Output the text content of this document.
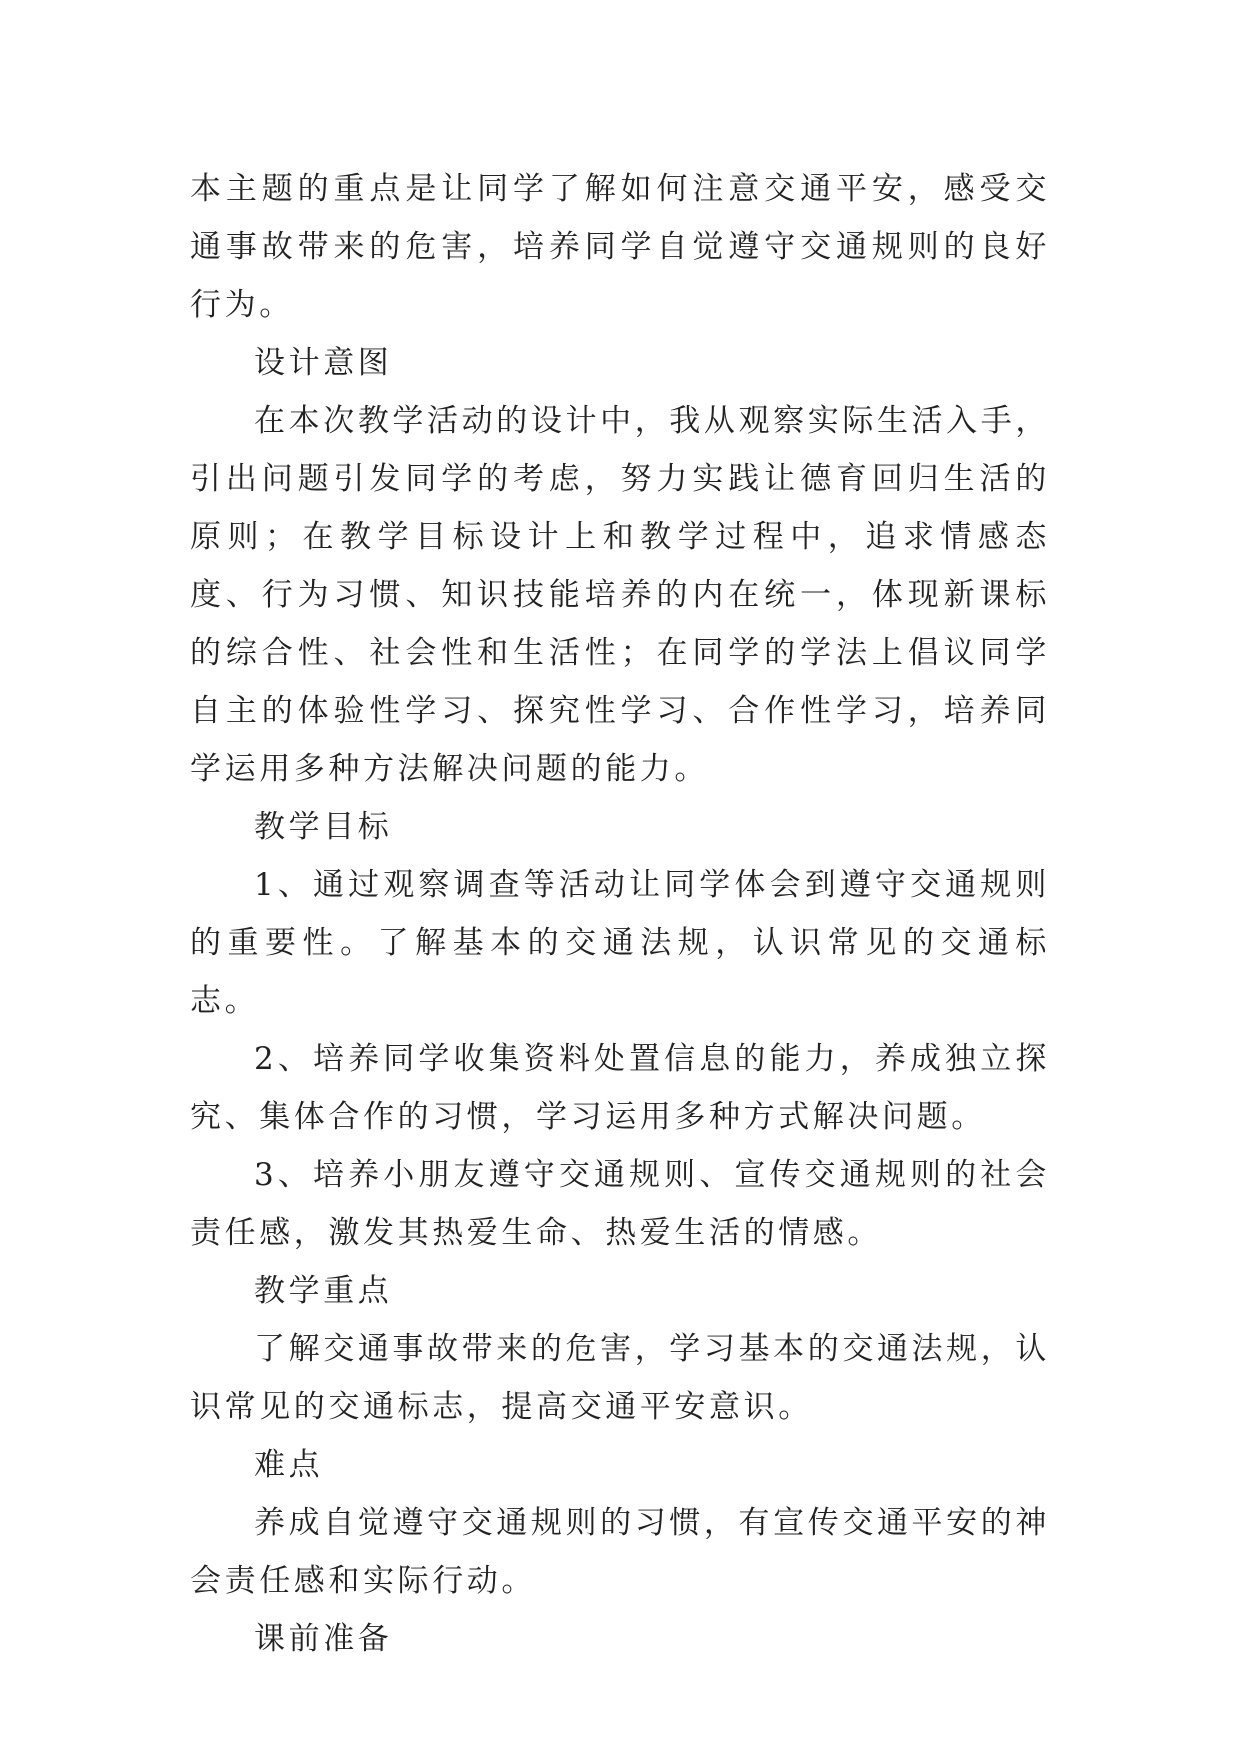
本主题的重点是让同学了解如何注意交通平安，感受交通事故带来的危害，培养同学自觉遵守交通规则的良好行为。

设计意图

在本次教学活动的设计中，我从观察实际生活入手，引出问题引发同学的考虑，努力实践让德育回归生活的原则；在教学目标设计上和教学过程中，追求情感态度、行为习惯、知识技能培养的内在统一，体现新课标的综合性、社会性和生活性；在同学的学法上倡议同学自主的体验性学习、探究性学习、合作性学习，培养同学运用多种方法解决问题的能力。

教学目标

1、通过观察调查等活动让同学体会到遵守交通规则的重要性。了解基本的交通法规，认识常见的交通标志。

2、培养同学收集资料处置信息的能力，养成独立探究、集体合作的习惯，学习运用多种方式解决问题。

3、培养小朋友遵守交通规则、宣传交通规则的社会责任感，激发其热爱生命、热爱生活的情感。

教学重点

了解交通事故带来的危害，学习基本的交通法规，认识常见的交通标志，提高交通平安意识。

难点

养成自觉遵守交通规则的习惯，有宣传交通平安的神会责任感和实际行动。

课前准备
